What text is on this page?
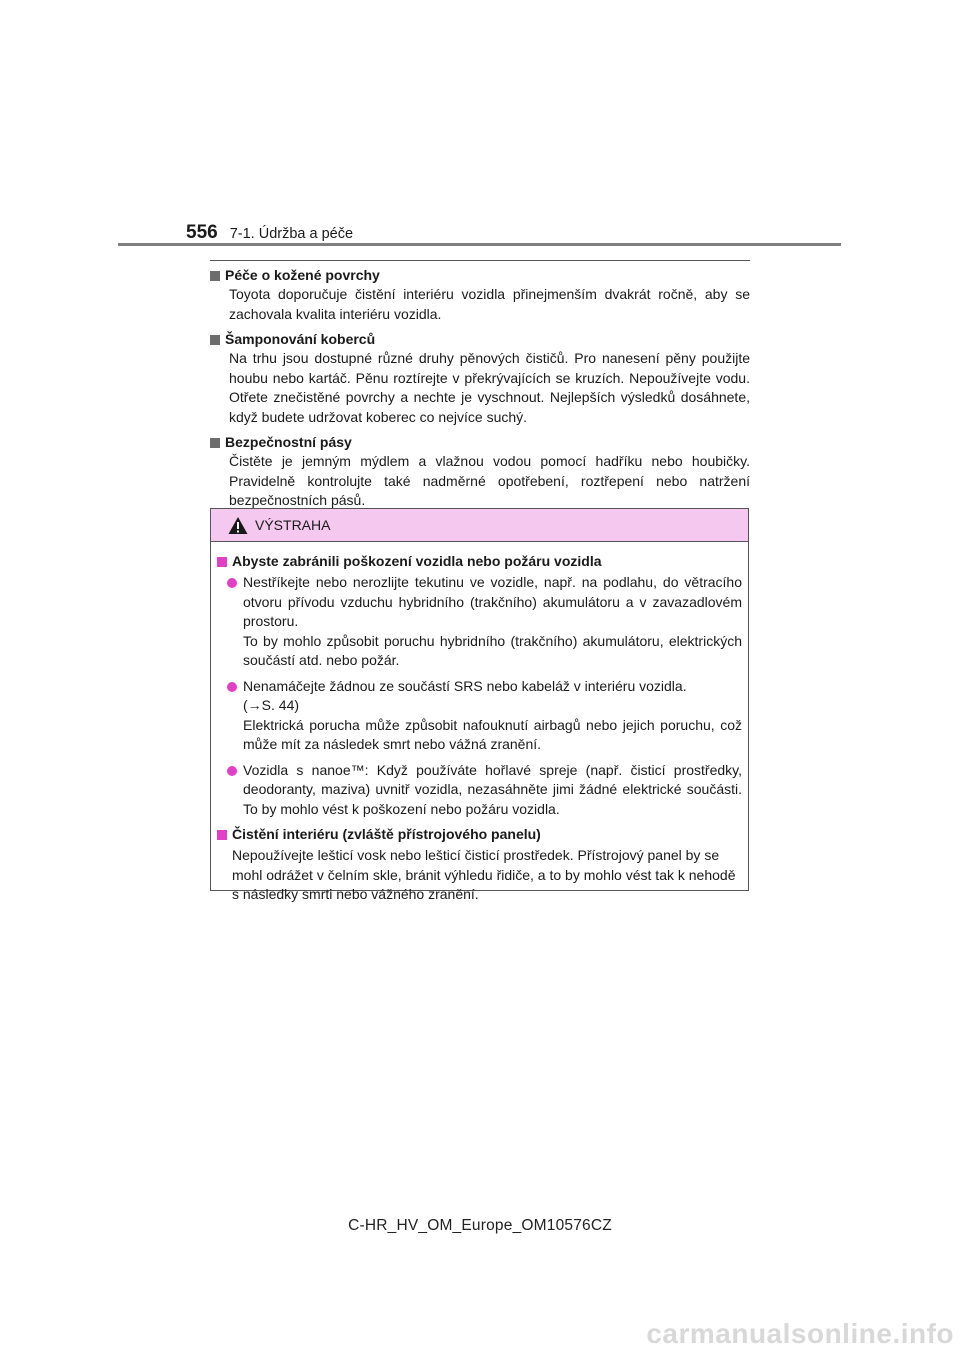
556 7-1. Údržba a péče
Péče o kožené povrchy
Toyota doporučuje čistění interiéru vozidla přinejmenším dvakrát ročně, aby se zachovala kvalita interiéru vozidla.
Šamponování koberců
Na trhu jsou dostupné různé druhy pěnových čističů. Pro nanesení pěny použijte houbu nebo kartáč. Pěnu roztírejte v překrývajících se kruzích. Nepoužívejte vodu. Otřete znečistěné povrchy a nechte je vyschnout. Nejlepších výsledků dosáhnete, když budete udržovat koberec co nejvíce suchý.
Bezpečnostní pásy
Čistěte je jemným mýdlem a vlažnou vodou pomocí hadříku nebo houbičky. Pravidelně kontrolujte také nadměrné opotřebení, roztřepení nebo natržení bezpečnostních pásů.
VÝSTRAHA
Abyste zabránili poškození vozidla nebo požáru vozidla

Nestříkejte nebo nerozlijte tekutinu ve vozidle, např. na podlahu, do větracího otvoru přívodu vzduchu hybridního (trakčního) akumulátoru a v zavazadlovém prostoru.

To by mohlo způsobit poruchu hybridního (trakčního) akumulátoru, elektrických součástí atd. nebo požár.

Nenamáčejte žádnou ze součástí SRS nebo kabeláž v interiéru vozidla.

(→S. 44)

Elektrická porucha může způsobit nafouknutí airbagů nebo jejich poruchu, což může mít za následek smrt nebo vážná zranění.

Vozidla s nanoe™: Když používáte hořlavé spreje (např. čisticí prostředky, deodoranty, maziva) uvnitř vozidla, nezasáhněte jimi žádné elektrické součásti. To by mohlo vést k poškození nebo požáru vozidla.

Čistění interiéru (zvláště přístrojového panelu)
Nepoužívejte lešticí vosk nebo lešticí čisticí prostředek. Přístrojový panel by se mohl odrážet v čelním skle, bránit výhledu řidiče, a to by mohlo vést tak k nehodě s následky smrti nebo vážného zranění.
C-HR_HV_OM_Europe_OM10576CZ
carmanualsonline.info
